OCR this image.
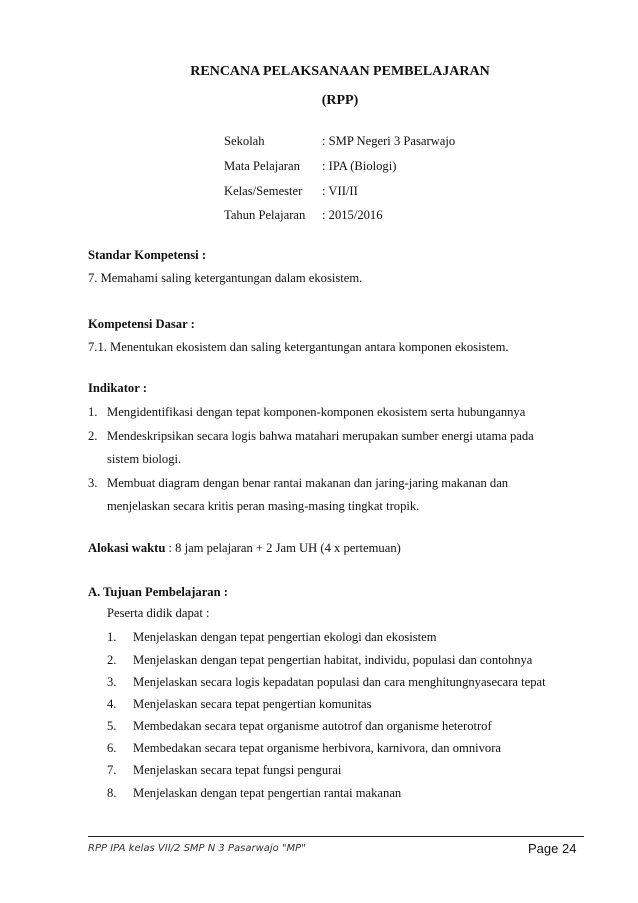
RENCANA PELAKSANAAN PEMBELAJARAN
(RPP)
Sekolah	: SMP Negeri 3 Pasarwajo
Mata Pelajaran : IPA (Biologi)
Kelas/Semester : VII/II
Tahun Pelajaran : 2015/2016
Standar Kompetensi :
7. Memahami saling ketergantungan dalam ekosistem.
Kompetensi Dasar :
7.1. Menentukan ekosistem dan saling ketergantungan antara komponen ekosistem.
Indikator :
1. Mengidentifikasi dengan tepat komponen-komponen ekosistem serta hubungannya
2. Mendeskripsikan secara logis bahwa matahari merupakan sumber energi utama pada
sistem biologi.
3. Membuat diagram dengan benar rantai makanan dan jaring-jaring makanan dan
menjelaskan secara kritis peran masing-masing tingkat tropik.
Alokasi waktu : 8 jam pelajaran + 2 Jam UH (4 x pertemuan)
A. Tujuan Pembelajaran :
Peserta didik dapat :
1.	Menjelaskan dengan tepat pengertian ekologi dan ekosistem
2.	Menjelaskan dengan tepat pengertian habitat, individu, populasi dan contohnya
3.	Menjelaskan secara logis kepadatan populasi dan cara menghitungnyasecara tepat
4.	Menjelaskan secara tepat pengertian komunitas
5.	Membedakan secara tepat organisme autotrof dan organisme heterotrof
6.	Membedakan secara tepat organisme herbivora, karnivora, dan omnivora
7.	Menjelaskan secara tepat fungsi pengurai
8.	Menjelaskan dengan tepat pengertian rantai makanan
RPP IPA kelas VII/2 SMP N 3 Pasarwajo "MP"	Page 24
